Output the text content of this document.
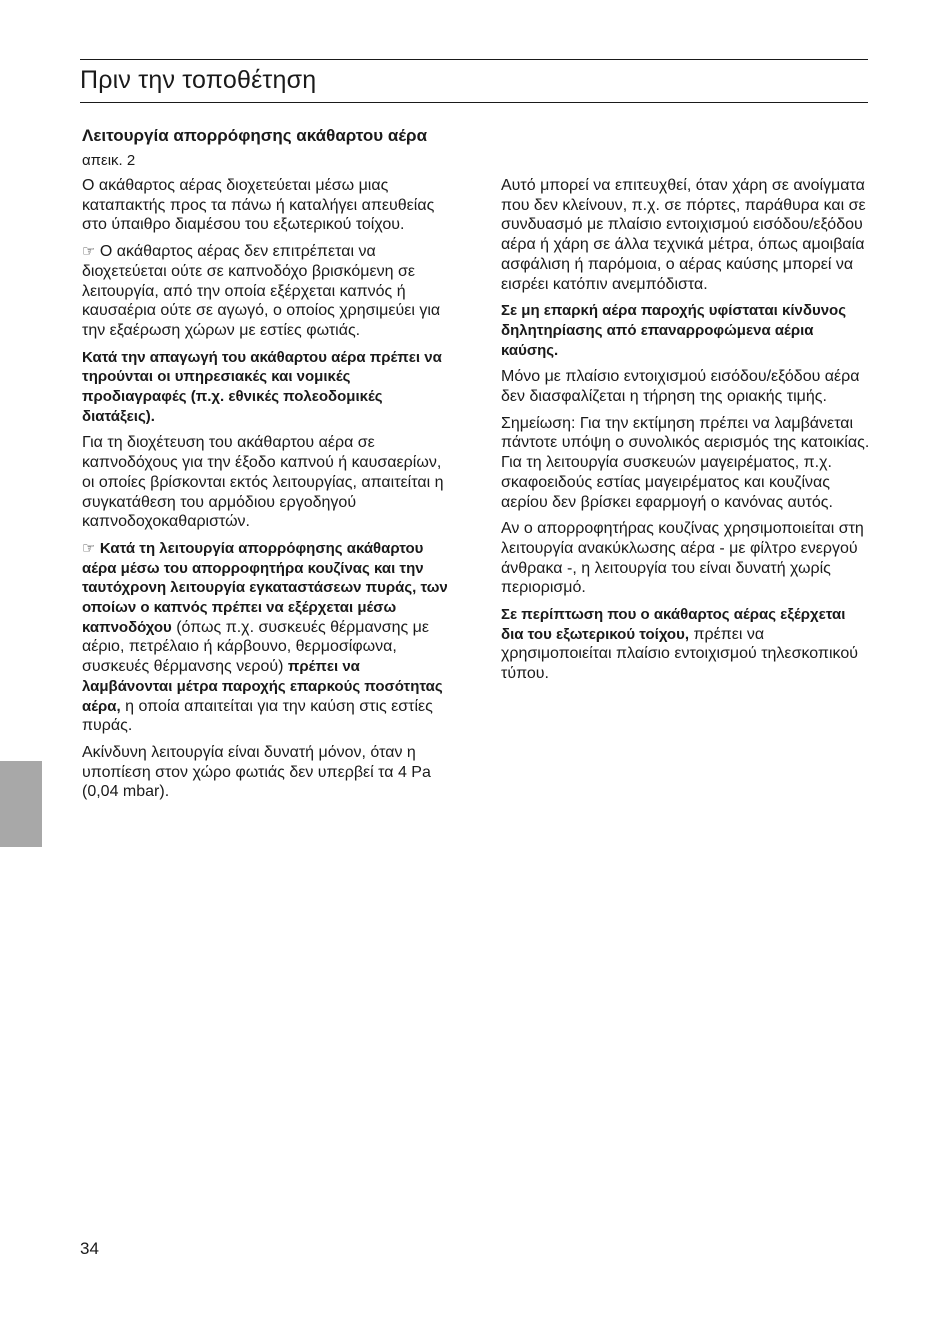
Πριν την τοποθέτηση

Λειτουργία απορρόφησης ακάθαρτου αέρα απεικ. 2

Ο ακάθαρτος αέρας διοχετεύεται μέσω μιας καταπακτής προς τα πάνω ή καταλήγει απευθείας στο ύπαιθρο διαμέσου του εξωτερικού τοίχου.

☞ Ο ακάθαρτος αέρας δεν επιτρέπεται να διοχετεύεται ούτε σε καπνοδόχο βρισκόμενη σε λειτουργία, από την οποία εξέρχεται καπνός ή καυσαέρια ούτε σε αγωγό, ο οποίος χρησιμεύει για την εξαέρωση χώρων με εστίες φωτιάς.

Κατά την απαγωγή του ακάθαρτου αέρα πρέπει να τηρούνται οι υπηρεσιακές και νομικές προδιαγραφές (π.χ. εθνικές πολεοδομικές διατάξεις).

Για τη διοχέτευση του ακάθαρτου αέρα σε καπνοδόχους για την έξοδο καπνού ή καυσαερίων, οι οποίες βρίσκονται εκτός λειτουργίας, απαιτείται η συγκατάθεση του αρμόδιου εργοδηγού καπνοδοχοκαθαριστών.

☞ Κατά τη λειτουργία απορρόφησης ακάθαρτου αέρα μέσω του απορροφητήρα κουζίνας και την ταυτόχρονη λειτουργία εγκαταστάσεων πυράς, των οποίων ο καπνός πρέπει να εξέρχεται μέσω καπνοδόχου (όπως π.χ. συσκευές θέρμανσης με αέριο, πετρέλαιο ή κάρβουνο, θερμοσίφωνα, συσκευές θέρμανσης νερού) πρέπει να λαμβάνονται μέτρα παροχής επαρκούς ποσότητας αέρα, η οποία απαιτείται για την καύση στις εστίες πυράς.

Ακίνδυνη λειτουργία είναι δυνατή μόνον, όταν η υποπίεση στον χώρο φωτιάς δεν υπερβεί τα 4 Pa (0,04 mbar).

Αυτό μπορεί να επιτευχθεί, όταν χάρη σε ανοίγματα που δεν κλείνουν, π.χ. σε πόρτες, παράθυρα και σε συνδυασμό με πλαίσιο εντοιχισμού εισόδου/εξόδου αέρα ή χάρη σε άλλα τεχνικά μέτρα, όπως αμοιβαία ασφάλιση ή παρόμοια, ο αέρας καύσης μπορεί να εισρέει κατόπιν ανεμπόδιστα.

Σε μη επαρκή αέρα παροχής υφίσταται κίνδυνος δηλητηρίασης από επαναρροφώμενα αέρια καύσης.

Μόνο με πλαίσιο εντοιχισμού εισόδου/εξόδου αέρα δεν διασφαλίζεται η τήρηση της οριακής τιμής.

Σημείωση: Για την εκτίμηση πρέπει να λαμβάνεται πάντοτε υπόψη ο συνολικός αερισμός της κατοικίας. Για τη λειτουργία συσκευών μαγειρέματος, π.χ. σκαφοειδούς εστίας μαγειρέματος και κουζίνας αερίου δεν βρίσκει εφαρμογή ο κανόνας αυτός.

Αν ο απορροφητήρας κουζίνας χρησιμοποιείται στη λειτουργία ανακύκλωσης αέρα - με φίλτρο ενεργού άνθρακα -, η λειτουργία του είναι δυνατή χωρίς περιορισμό.

Σε περίπτωση που ο ακάθαρτος αέρας εξέρχεται δια του εξωτερικού τοίχου, πρέπει να χρησιμοποιείται πλαίσιο εντοιχισμού τηλεσκοπικού τύπου.

34
